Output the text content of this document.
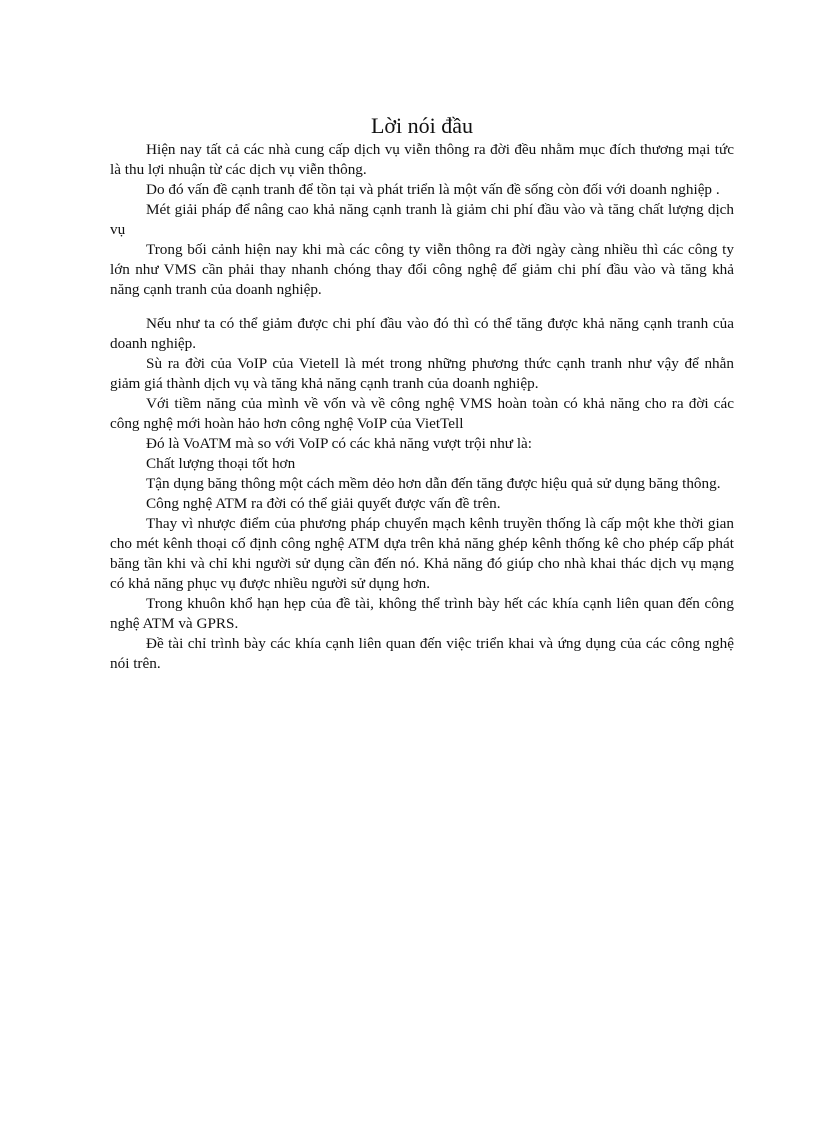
Lời nói đầu

Hiện nay tất cả các nhà cung cấp dịch vụ viễn thông ra đời đều nhằm mục đích thương mại tức là thu lợi nhuận từ các dịch vụ viễn thông.

Do đó vấn đề cạnh tranh để tồn tại và phát triển là một vấn đề sống còn đối với doanh nghiệp .

Mét giải pháp để nâng cao khả năng cạnh tranh là giảm chi phí đầu vào và tăng chất lượng dịch vụ

Trong bối cảnh hiện nay khi mà các công ty viễn thông ra đời ngày càng nhiều thì các công ty lớn như VMS cần phải thay nhanh chóng thay đổi công nghệ để giảm chi phí đầu vào và tăng khả năng cạnh tranh của doanh nghiệp.

Nếu như ta có thể giảm được chi phí đầu vào đó thì có thể tăng được khả năng cạnh tranh của doanh nghiệp.

Sù ra đời của VoIP của Vietell là mét trong những phương thức cạnh tranh như vậy để nhằn giảm giá thành dịch vụ và tăng khả năng cạnh tranh của doanh nghiệp.

Với tiềm năng của mình về vốn và về công nghệ VMS hoàn toàn có khả năng cho ra đời các công nghệ mới hoàn hảo hơn công nghệ VoIP của VietTell

Đó là VoATM mà so với VoIP có các khả năng vượt trội như là:

Chất lượng thoại tốt hơn

Tận dụng băng thông một cách mềm dẻo hơn dẫn đến tăng được hiệu quả sử dụng băng thông.

Công nghệ ATM ra đời có thể giải quyết được vấn đề trên.

Thay vì nhược điểm của phương pháp chuyển mạch kênh truyền thống là cấp một khe thời gian cho mét kênh thoại cố định công nghệ ATM dựa trên khả năng ghép kênh thống kê cho phép cấp phát băng tần khi và chỉ khi người sử dụng cần đến nó. Khả năng đó giúp cho nhà khai thác dịch vụ mạng có khả năng phục vụ được nhiều người sử dụng hơn.

Trong khuôn khổ hạn hẹp của đề tài, không thể trình bày hết các khía cạnh liên quan đến công nghệ ATM và GPRS.

Đề tài chỉ trình bày các khía cạnh liên quan đến việc triển khai và ứng dụng của các công nghệ nói trên.
